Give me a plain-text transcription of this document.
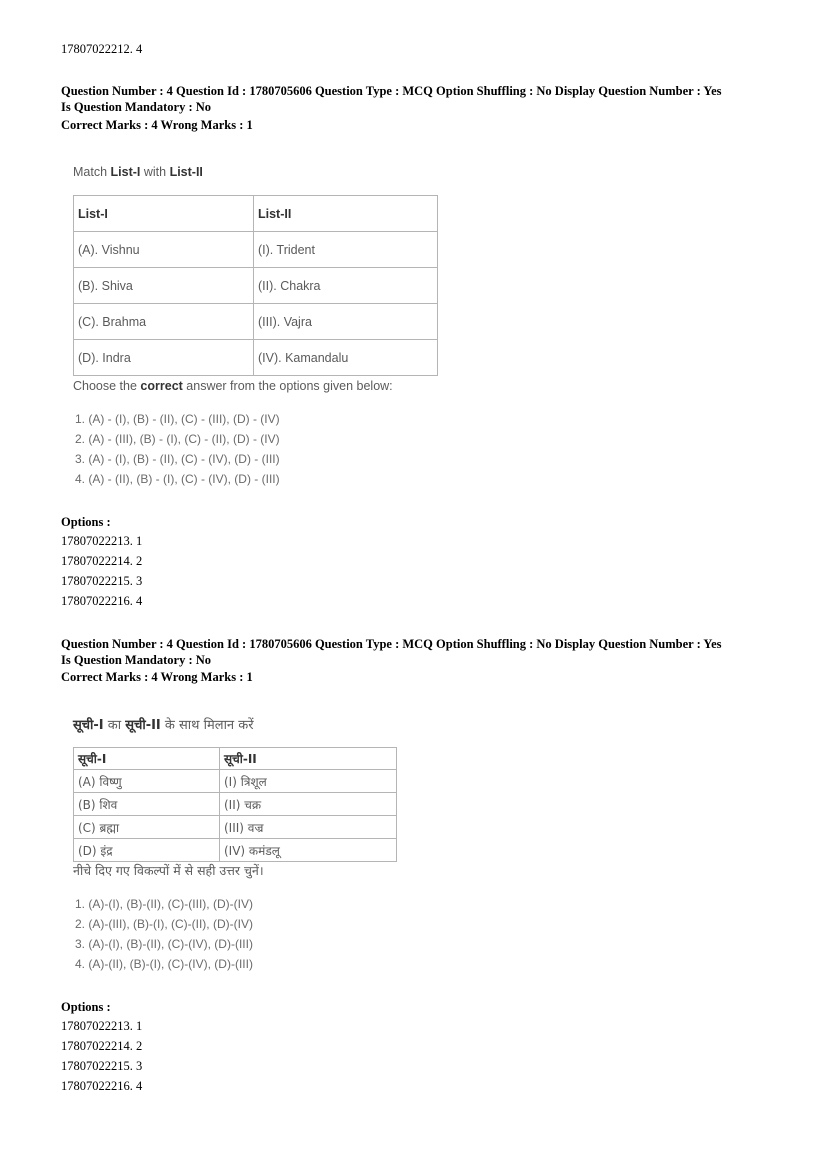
17807022212. 4
Question Number : 4 Question Id : 1780705606 Question Type : MCQ Option Shuffling : No Display Question Number : Yes
Is Question Mandatory : No
Correct Marks : 4 Wrong Marks : 1
Match List-I with List-II
List-I	List-II
(A). Vishnu	(I). Trident
(B). Shiva	(II). Chakra
(C). Brahma	(III). Vajra
(D). Indra	(IV). Kamandalu
Choose the correct answer from the options given below:
1. (A) - (I), (B) - (II), (C) - (III), (D) - (IV)
2. (A) - (III), (B) - (I), (C) - (II), (D) - (IV)
3. (A) - (I), (B) - (II), (C) - (IV), (D) - (III)
4. (A) - (II), (B) - (I), (C) - (IV), (D) - (III)
Options :
17807022213. 1
17807022214. 2
17807022215. 3
17807022216. 4
Question Number : 4 Question Id : 1780705606 Question Type : MCQ Option Shuffling : No Display Question Number : Yes
Is Question Mandatory : No
Correct Marks : 4 Wrong Marks : 1
सूची-I का सूची-II के साथ मिलान करें
सूची-I	सूची-II
(A) विष्णु	(I) त्रिशूल
(B) शिव	(II) चक्र
(C) ब्रह्मा	(III) वज्र
(D) इंद्र	(IV) कमंडलू
नीचे दिए गए विकल्पों में से सही उत्तर चुनें।
1. (A)-(I), (B)-(II), (C)-(III), (D)-(IV)
2. (A)-(III), (B)-(I), (C)-(II), (D)-(IV)
3. (A)-(I), (B)-(II), (C)-(IV), (D)-(III)
4. (A)-(II), (B)-(I), (C)-(IV), (D)-(III)
Options :
17807022213. 1
17807022214. 2
17807022215. 3
17807022216. 4
